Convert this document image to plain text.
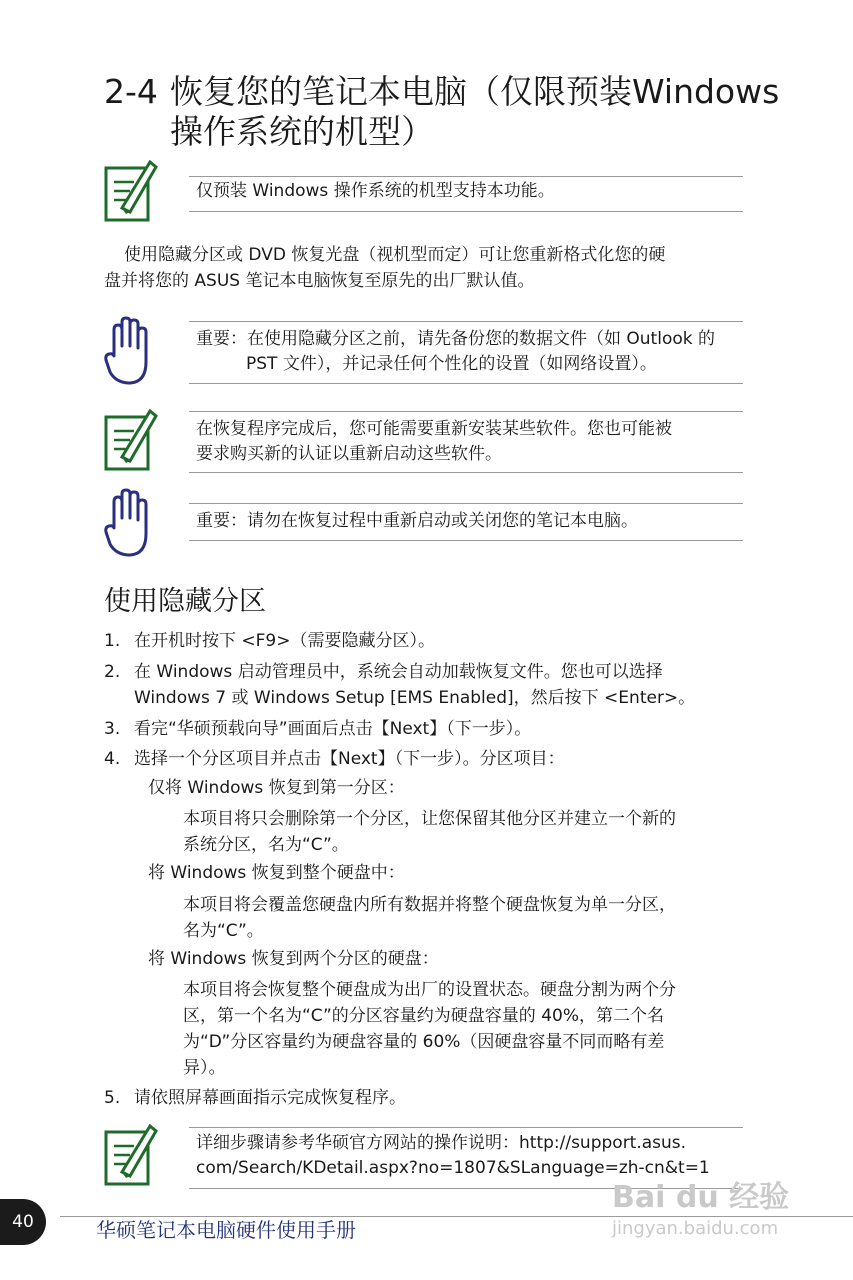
2-4 恢复您的笔记本电脑（仅限预装Windows
操作系统的机型）
仅预装 Windows 操作系统的机型支持本功能。
使用隐藏分区或 DVD 恢复光盘（视机型而定）可让您重新格式化您的硬
盘并将您的 ASUS 笔记本电脑恢复至原先的出厂默认值。
重要：在使用隐藏分区之前，请先备份您的数据文件（如 Outlook 的
PST 文件），并记录任何个性化的设置（如网络设置）。
在恢复程序完成后，您可能需要重新安装某些软件。您也可能被
要求购买新的认证以重新启动这些软件。
重要：请勿在恢复过程中重新启动或关闭您的笔记本电脑。
使用隐藏分区
1. 在开机时按下 <F9>（需要隐藏分区）。
2. 在 Windows 启动管理员中，系统会自动加载恢复文件。您也可以选择
Windows 7 或 Windows Setup [EMS Enabled]，然后按下 <Enter>。
3. 看完“华硕预载向导”画面后点击【Next】（下一步）。
4. 选择一个分区项目并点击【Next】（下一步）。分区项目：
仅将 Windows 恢复到第一分区：
本项目将只会删除第一个分区，让您保留其他分区并建立一个新的
系统分区，名为“C”。
将 Windows 恢复到整个硬盘中：
本项目将会覆盖您硬盘内所有数据并将整个硬盘恢复为单一分区，
名为“C”。
将 Windows 恢复到两个分区的硬盘：
本项目将会恢复整个硬盘成为出厂的设置状态。硬盘分割为两个分
区，第一个名为“C”的分区容量约为硬盘容量的 40%，第二个名
为“D”分区容量约为硬盘容量的 60%（因硬盘容量不同而略有差
异）。
5. 请依照屏幕画面指示完成恢复程序。
详细步骤请参考华硕官方网站的操作说明：http://support.asus.
com/Search/KDetail.aspx?no=1807&SLanguage=zh-cn&t=1
40	华硕笔记本电脑硬件使用手册
Bai du 经验
jingyan.baidu.com
